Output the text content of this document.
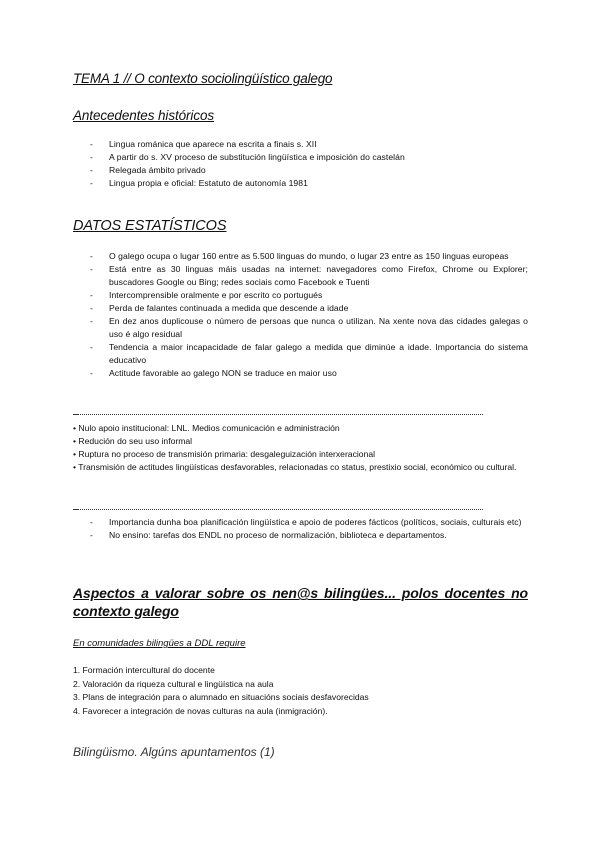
TEMA 1 // O contexto sociolingüístico galego
Antecedentes históricos
- Lingua románica que aparece na escrita a finais s. XII
- A partir do s. XV proceso de substitución lingüística e imposición do castelán
- Relegada ámbito privado
- Lingua propia e oficial: Estatuto de autonomía 1981
DATOS ESTATÍSTICOS
- O galego ocupa o lugar 160 entre as 5.500 linguas do mundo, o lugar 23 entre as 150 linguas europeas
- Está entre as 30 linguas máis usadas na internet: navegadores como Firefox, Chrome ou Explorer; buscadores Google ou Bing; redes sociais como Facebook e Tuenti
- Intercomprensible oralmente e por escrito co portugués
- Perda de falantes continuada a medida que descende a idade
- En dez anos duplicouse o número de persoas que nunca o utilizan. Na xente nova das cidades galegas o uso é algo residual
- Tendencia a maior incapacidade de falar galego a medida que diminúe a idade. Importancia do sistema educativo
- Actitude favorable ao galego NON se traduce en maior uso
• Nulo apoio institucional: LNL. Medios comunicación e administración
• Redución do seu uso informal
• Ruptura no proceso de transmisión primaria: desgaleguización interxeracional
• Transmisión de actitudes lingüísticas desfavorables, relacionadas co status, prestixio social, económico ou cultural.
- Importancia dunha boa planificación lingüística e apoio de poderes fácticos (políticos, sociais, culturais etc)
- No ensino: tarefas dos ENDL no proceso de normalización, biblioteca e departamentos.
Aspectos a valorar sobre os nen@s bilingües... polos docentes no
contexto galego
En comunidades bilingües a DDL require
1. Formación intercultural do docente
2. Valoración da riqueza cultural e lingüística na aula
3. Plans de integración para o alumnado en situacións sociais desfavorecidas
4. Favorecer a integración de novas culturas na aula (inmigración).
Bilingüismo. Algúns apuntamentos (1)
